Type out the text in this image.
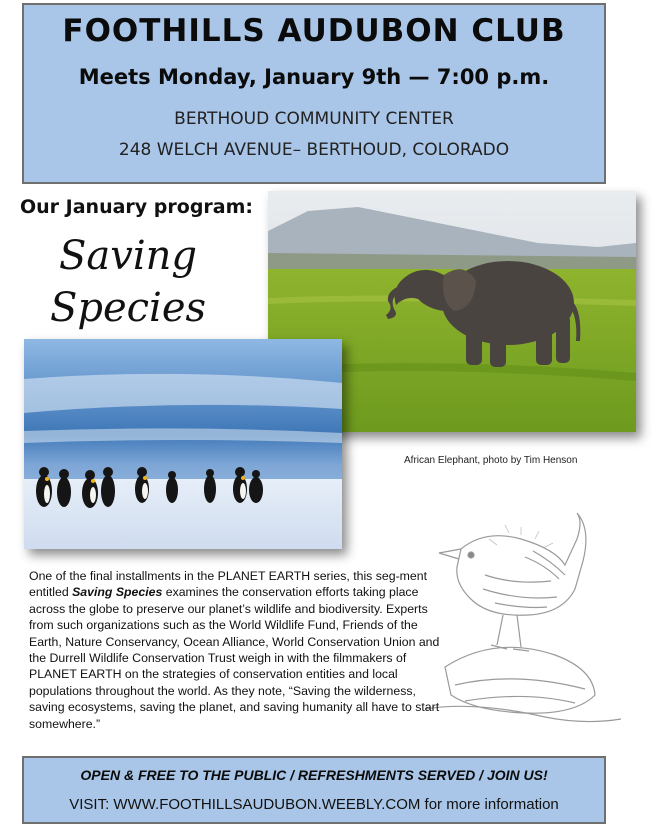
FOOTHILLS AUDUBON CLUB
Meets Monday, January 9th — 7:00 p.m.
BERTHOUD COMMUNITY CENTER
248 WELCH AVENUE– BERTHOUD, COLORADO
Our January program:
Saving
Species
African Elephant, photo by Tim Henson
One of the final installments in the PLANET EARTH series, this seg-ment entitled Saving Species examines the conservation efforts taking place across the globe to preserve our planet’s wildlife and biodiversity. Experts from such organizations such as the World Wildlife Fund, Friends of the Earth, Nature Conservancy, Ocean Alliance, World Conservation Union and the Durrell Wildlife Conservation Trust weigh in with the filmmakers of PLANET EARTH on the strategies of conservation entities and local populations throughout the world. As they note, “Saving the wilderness, saving ecosystems, saving the planet, and saving humanity all have to start somewhere.”
OPEN & FREE TO THE PUBLIC / REFRESHMENTS SERVED / JOIN US!
VISIT: WWW.FOOTHILLSAUDUBON.WEEBLY.COM for more information
